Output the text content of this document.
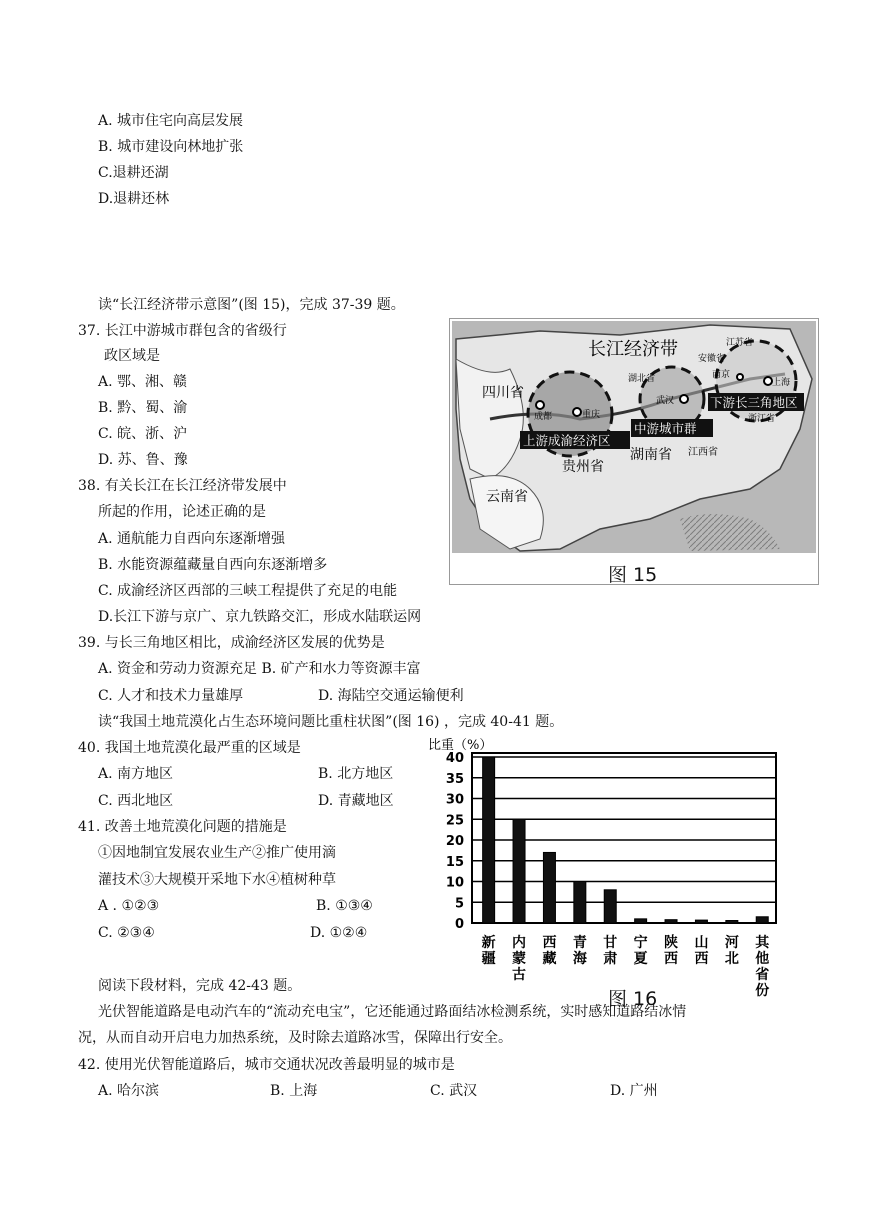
A. 城市住宅向高层发展
B. 城市建设向林地扩张
C.退耕还湖
D.退耕还林
读“长江经济带示意图”(图 15)，完成 37-39 题。
37. 长江中游城市群包含的省级行
政区域是
A. 鄂、湘、赣
B. 黔、蜀、渝
C. 皖、浙、沪
D. 苏、鲁、豫
38. 有关长江在长江经济带发展中
所起的作用，论述正确的是
A. 通航能力自西向东逐渐增强
B. 水能资源蕴藏量自西向东逐渐增多
C. 成渝经济区西部的三峡工程提供了充足的电能
D.长江下游与京广、京九铁路交汇，形成水陆联运网
39. 与长三角地区相比，成渝经济区发展的优势是
A. 资金和劳动力资源充足 B. 矿产和水力等资源丰富
C. 人才和技术力量雄厚	D. 海陆空交通运输便利
读“我国土地荒漠化占生态环境问题比重柱状图”(图 16) ，完成 40-41 题。
40. 我国土地荒漠化最严重的区域是
A. 南方地区	B. 北方地区
C. 西北地区	D. 青藏地区
41. 改善土地荒漠化问题的措施是
①因地制宜发展农业生产②推广使用滴
灌技术③大规模开采地下水④植树种草
A . ①②③	B. ①③④
C. ②③④	D. ①②④
阅读下段材料，完成 42-43 题。
光伏智能道路是电动汽车的“流动充电宝”，它还能通过路面结冰检测系统，实时感知道路结冰情
况，从而自动开启电力加热系统，及时除去道路冰雪，保障出行安全。
42. 使用光伏智能道路后，城市交通状况改善最明显的城市是
A. 哈尔滨	B. 上海	C. 武汉	D. 广州
长江经济带
四川省
贵州省
湖南省
云南省
江西省
湖北省
安徽省
江苏省
浙江省
成都	重庆
武汉
南京
上海
上游成渝经济区
中游城市群
下游长三角地区
图 15
0
5
10
15
20
25
30
35
40
新疆
内蒙古
西藏
青海
甘肃
宁夏
陕西
山西
河北
其他省份
比重（%）
图 16
